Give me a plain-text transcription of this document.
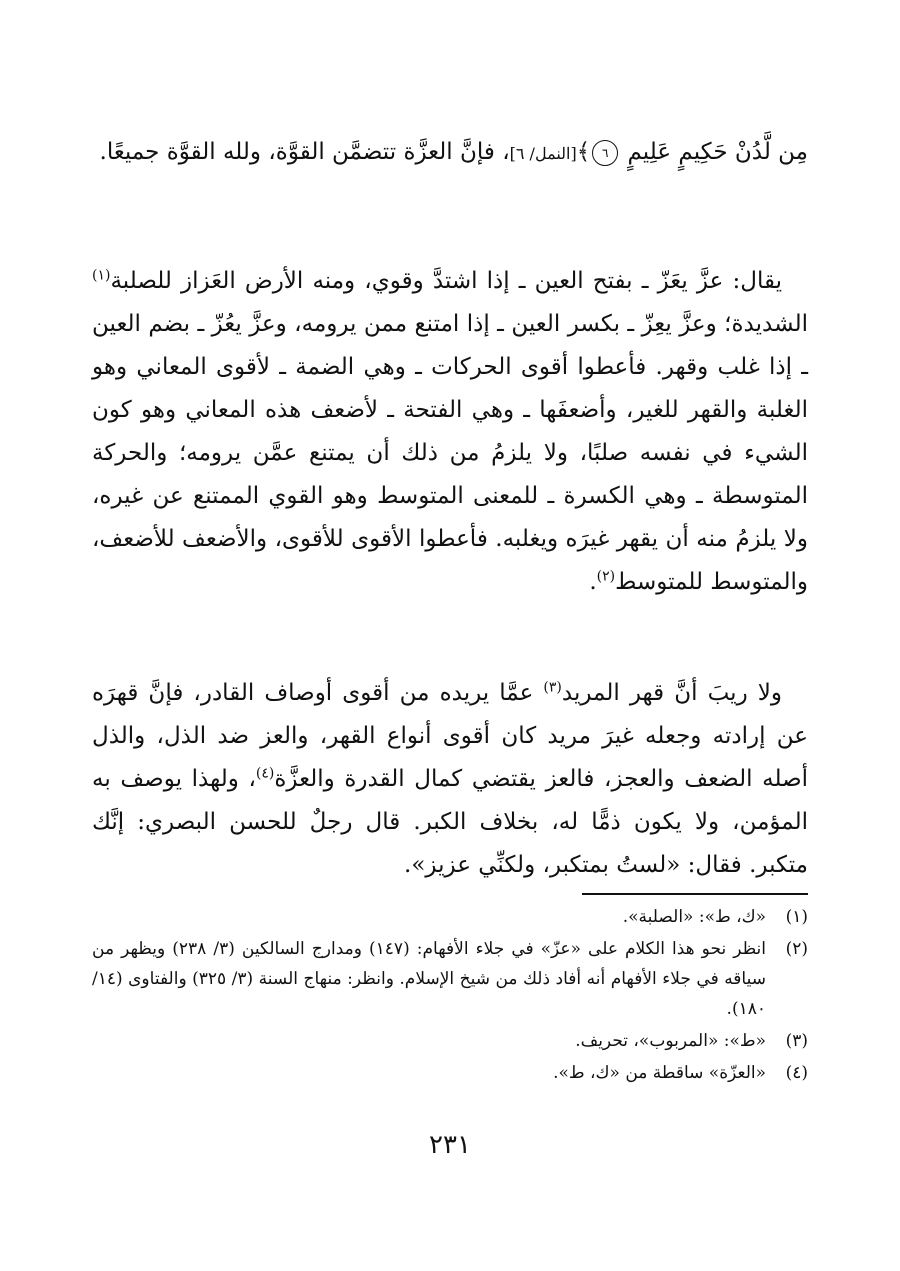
مِن لَّدُنْ حَكِيمٍ عَلِيمٍ ٦﴾[النمل/ ٦]، فإنَّ العزَّة تتضمَّن القوَّة، ولله القوَّة جميعًا.

يقال: عزَّ يعَزّ ـ بفتح العين ـ إذا اشتدَّ وقوي، ومنه الأرض العَزاز للصلبة$^{(١)}$ الشديدة؛ وعزَّ يعِزّ ـ بكسر العين ـ إذا امتنع ممن يرومه، وعزَّ يعُزّ ـ بضم العين ـ إذا غلب وقهر. فأعطوا أقوى الحركات ـ وهي الضمة ـ لأقوى المعاني وهو الغلبة والقهر للغير، وأضعفَها ـ وهي الفتحة ـ لأضعف هذه المعاني وهو كون الشيء في نفسه صلبًا، ولا يلزمُ من ذلك أن يمتنع عمَّن يرومه؛ والحركة المتوسطة ـ وهي الكسرة ـ للمعنى المتوسط وهو القوي الممتنع عن غيره، ولا يلزمُ منه أن يقهر غيرَه ويغلبه. فأعطوا الأقوى للأقوى، والأضعف للأضعف، والمتوسط للمتوسط$^{(٢)}$.

ولا ريبَ أنَّ قهر المريد$^{(٣)}$ عمَّا يريده من أقوى أوصاف القادر، فإنَّ قهرَه عن إرادته وجعله غيرَ مريد كان أقوى أنواع القهر، والعز ضد الذل، والذل أصله الضعف والعجز، فالعز يقتضي كمال القدرة والعزَّة$^{(٤)}$، ولهذا يوصف به المؤمن، ولا يكون ذمًّا له، بخلاف الكبر. قال رجلٌ للحسن البصري: إنَّك متكبر. فقال: «لستُ بمتكبر، ولكنِّي عزيز».

(١)
«ك، ط»: «الصلبة».
(٢)
انظر نحو هذا الكلام على «عزّ» في جلاء الأفهام: (١٤٧) ومدارج السالكين (٣/ ٢٣٨) ويظهر من سياقه في جلاء الأفهام أنه أفاد ذلك من شيخ الإسلام. وانظر: منهاج السنة (٣/ ٣٢٥) والفتاوى (١٤/ ١٨٠).
(٣)
«ط»: «المربوب»، تحريف.
(٤)
«العزّة» ساقطة من «ك، ط».
٢٣١
